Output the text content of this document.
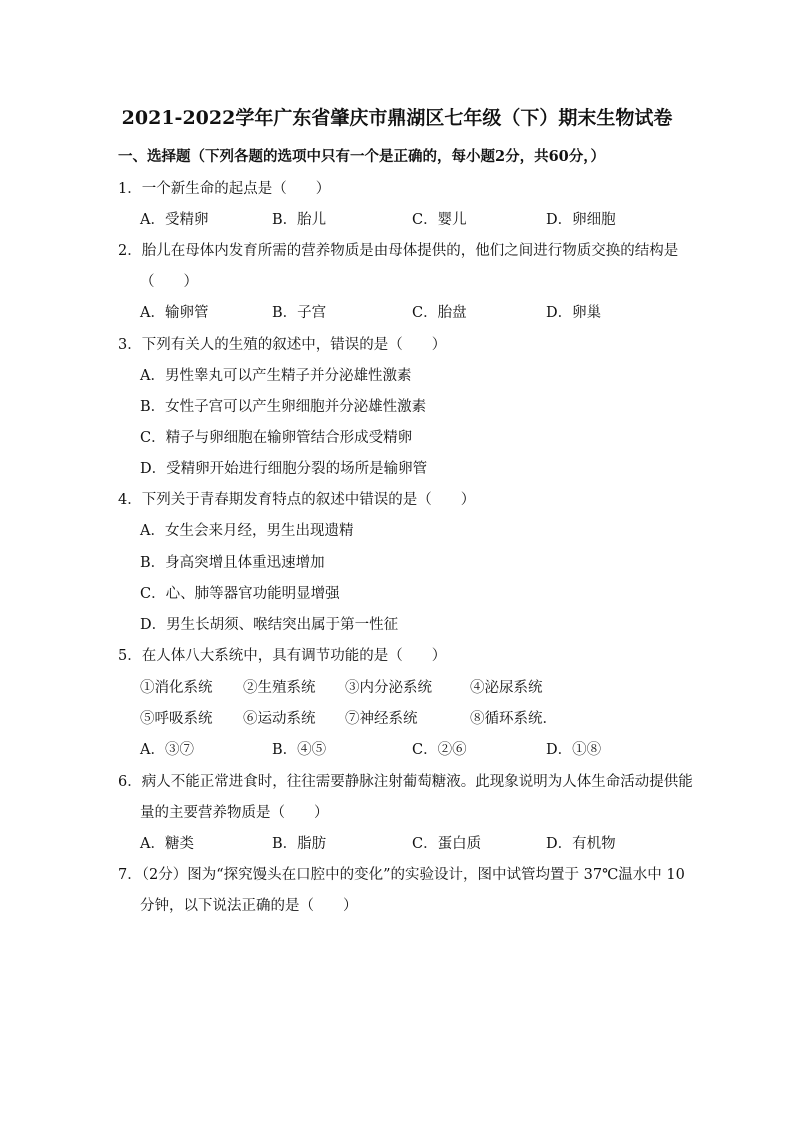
2021-2022学年广东省肇庆市鼎湖区七年级（下）期末生物试卷
一、选择题（下列各题的选项中只有一个是正确的，每小题2分，共60分，）
1．一个新生命的起点是（　　）
A．受精卵	B．胎儿	C．婴儿	D．卵细胞
2．胎儿在母体内发育所需的营养物质是由母体提供的，他们之间进行物质交换的结构是
（　　）
A．输卵管	B．子宫	C．胎盘	D．卵巢
3．下列有关人的生殖的叙述中，错误的是（　　）
A．男性睾丸可以产生精子并分泌雄性激素
B．女性子宫可以产生卵细胞并分泌雄性激素
C．精子与卵细胞在输卵管结合形成受精卵
D．受精卵开始进行细胞分裂的场所是输卵管
4．下列关于青春期发育特点的叙述中错误的是（　　）
A．女生会来月经，男生出现遗精
B．身高突增且体重迅速增加
C．心、肺等器官功能明显增强
D．男生长胡须、喉结突出属于第一性征
5．在人体八大系统中，具有调节功能的是（　　）
①消化系统 ②生殖系统 ③内分泌系统	④泌尿系统
⑤呼吸系统 ⑥运动系统 ⑦神经系统	⑧循环系统．
A．③⑦	B．④⑤	C．②⑥	D．①⑧
6．病人不能正常进食时，往往需要静脉注射葡萄糖液。此现象说明为人体生命活动提供能
量的主要营养物质是（　　）
A．糖类	B．脂肪	C．蛋白质	D．有机物
7．（2分）图为“探究馒头在口腔中的变化”的实验设计，图中试管均置于 37℃温水中 10
分钟，以下说法正确的是（　　）
